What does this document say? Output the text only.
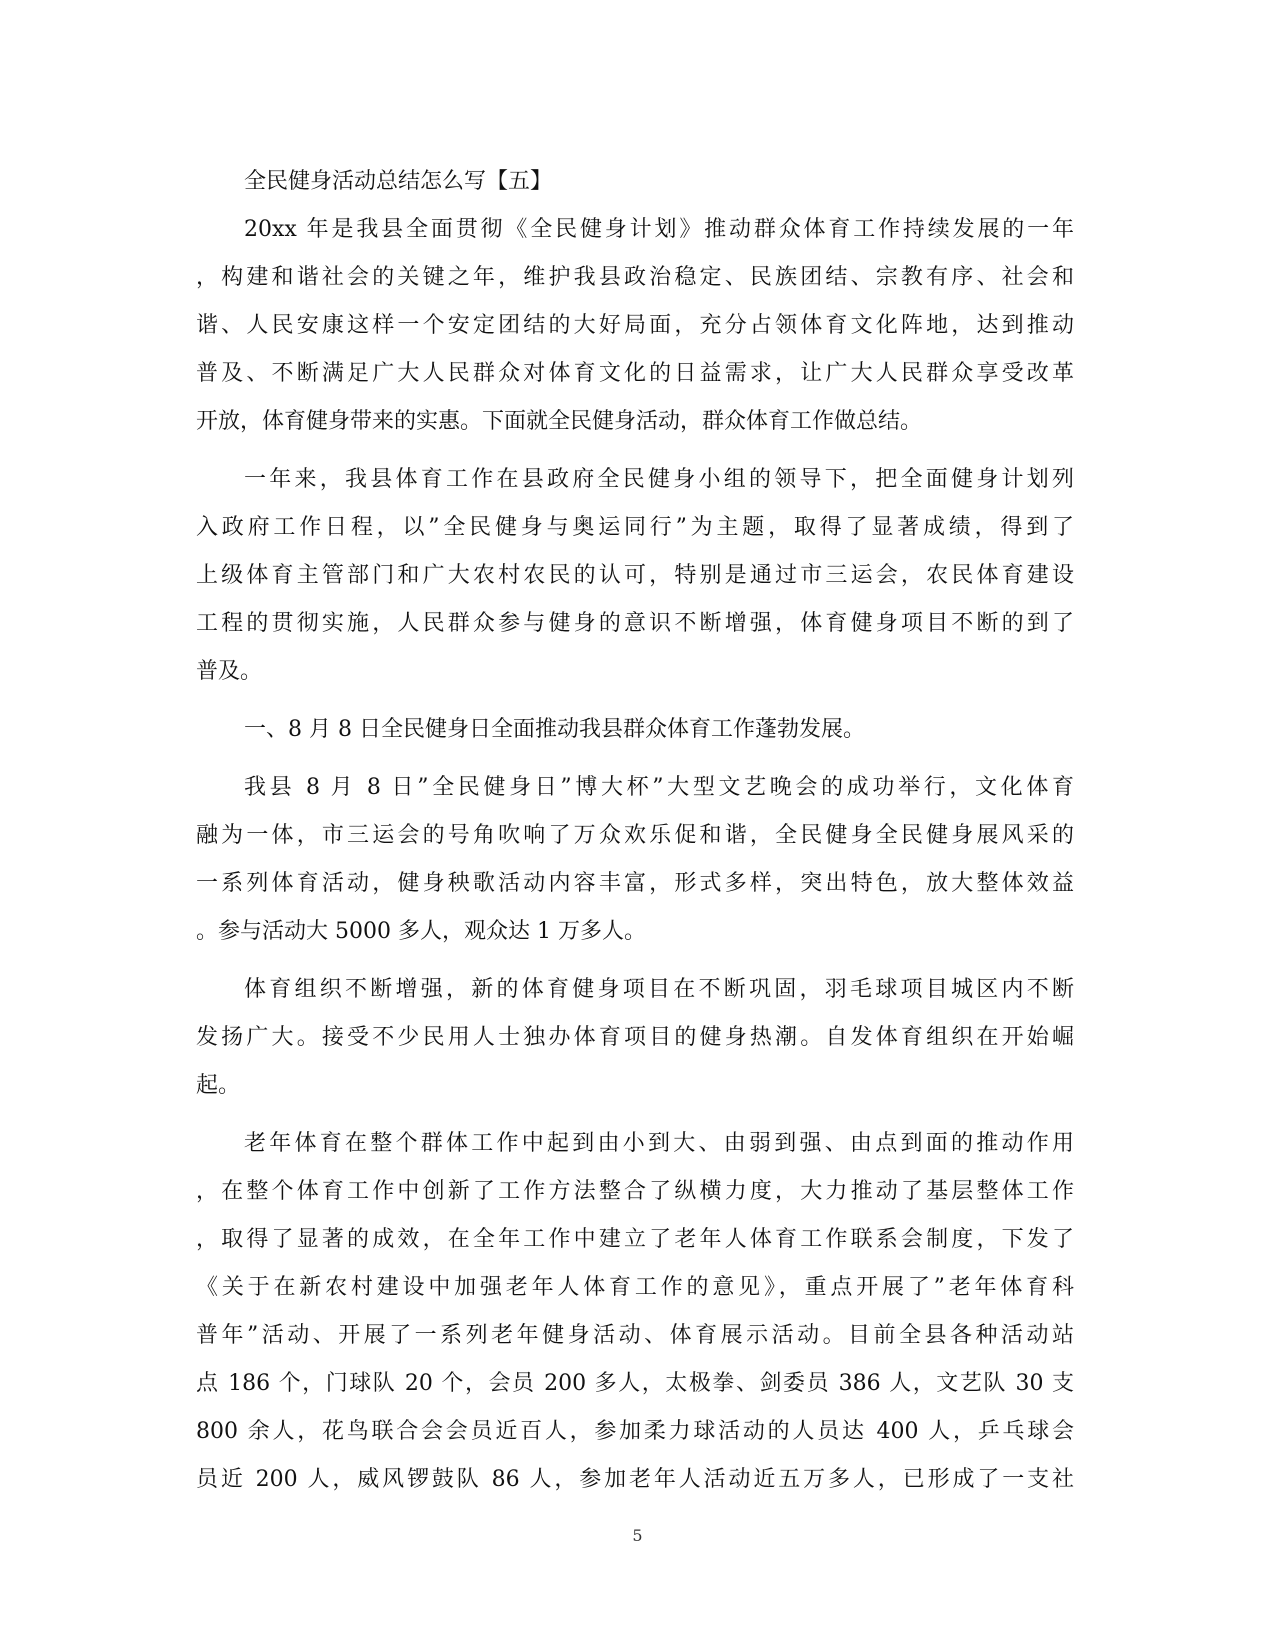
全民健身活动总结怎么写【五】
20xx 年是我县全面贯彻《全民健身计划》推动群众体育工作持续发展的一年
，构建和谐社会的关键之年，维护我县政治稳定、民族团结、宗教有序、社会和
谐、人民安康这样一个安定团结的大好局面，充分占领体育文化阵地，达到推动
普及、不断满足广大人民群众对体育文化的日益需求，让广大人民群众享受改革
开放，体育健身带来的实惠。下面就全民健身活动，群众体育工作做总结。
一年来，我县体育工作在县政府全民健身小组的领导下，把全面健身计划列
入政府工作日程，以”全民健身与奥运同行”为主题，取得了显著成绩，得到了
上级体育主管部门和广大农村农民的认可，特别是通过市三运会，农民体育建设
工程的贯彻实施，人民群众参与健身的意识不断增强，体育健身项目不断的到了
普及。
一、8 月 8 日全民健身日全面推动我县群众体育工作蓬勃发展。
我县 8 月 8 日”全民健身日”博大杯”大型文艺晚会的成功举行，文化体育
融为一体，市三运会的号角吹响了万众欢乐促和谐，全民健身全民健身展风采的
一系列体育活动，健身秧歌活动内容丰富，形式多样，突出特色，放大整体效益
。参与活动大 5000 多人，观众达 1 万多人。
体育组织不断增强，新的体育健身项目在不断巩固，羽毛球项目城区内不断
发扬广大。接受不少民用人士独办体育项目的健身热潮。自发体育组织在开始崛
起。
老年体育在整个群体工作中起到由小到大、由弱到强、由点到面的推动作用
，在整个体育工作中创新了工作方法整合了纵横力度，大力推动了基层整体工作
，取得了显著的成效，在全年工作中建立了老年人体育工作联系会制度，下发了
《关于在新农村建设中加强老年人体育工作的意见》，重点开展了”老年体育科
普年”活动、开展了一系列老年健身活动、体育展示活动。目前全县各种活动站
点 186 个，门球队 20 个，会员 200 多人，太极拳、剑委员 386 人，文艺队 30 支
800 余人，花鸟联合会会员近百人，参加柔力球活动的人员达 400 人，乒乓球会
员近 200 人，威风锣鼓队 86 人，参加老年人活动近五万多人，已形成了一支社
5
